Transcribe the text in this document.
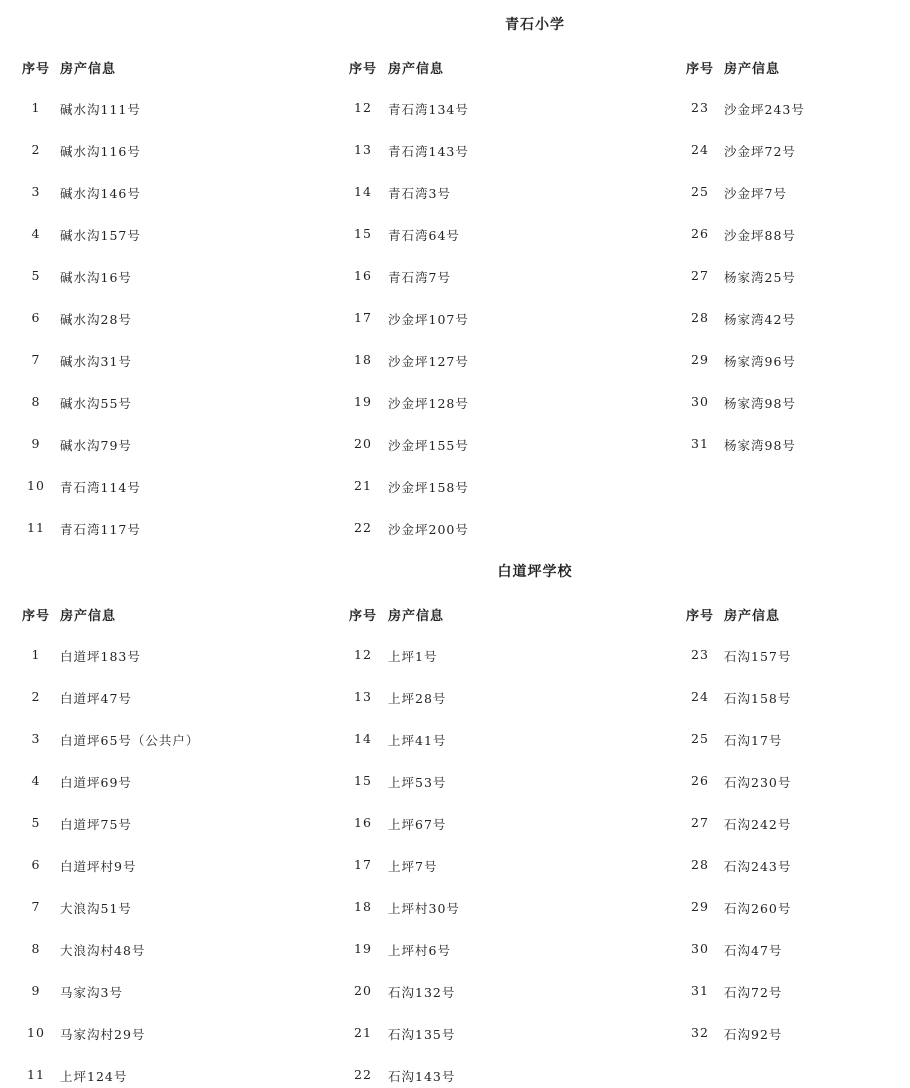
青石小学
序号 房产信息
1	碱水沟111号
2	碱水沟116号
3	碱水沟146号
4	碱水沟157号
5	碱水沟16号
6	碱水沟28号
7	碱水沟31号
8	碱水沟55号
9	碱水沟79号
10	青石湾114号
11	青石湾117号
序号 房产信息
12	青石湾134号
13	青石湾143号
14	青石湾3号
15	青石湾64号
16	青石湾7号
17	沙金坪107号
18	沙金坪127号
19	沙金坪128号
20	沙金坪155号
21	沙金坪158号
22	沙金坪200号
序号 房产信息
23	沙金坪243号
24	沙金坪72号
25	沙金坪7号
26	沙金坪88号
27	杨家湾25号
28	杨家湾42号
29	杨家湾96号
30	杨家湾98号
31	杨家湾98号
白道坪学校
序号 房产信息
1	白道坪183号
2	白道坪47号
3	白道坪65号（公共户）
4	白道坪69号
5	白道坪75号
6	白道坪村9号
7	大浪沟51号
8	大浪沟村48号
9	马家沟3号
10	马家沟村29号
11	上坪124号
序号 房产信息
12	上坪1号
13	上坪28号
14	上坪41号
15	上坪53号
16	上坪67号
17	上坪7号
18	上坪村30号
19	上坪村6号
20	石沟132号
21	石沟135号
22	石沟143号
序号 房产信息
23	石沟157号
24	石沟158号
25	石沟17号
26	石沟230号
27	石沟242号
28	石沟243号
29	石沟260号
30	石沟47号
31	石沟72号
32	石沟92号
